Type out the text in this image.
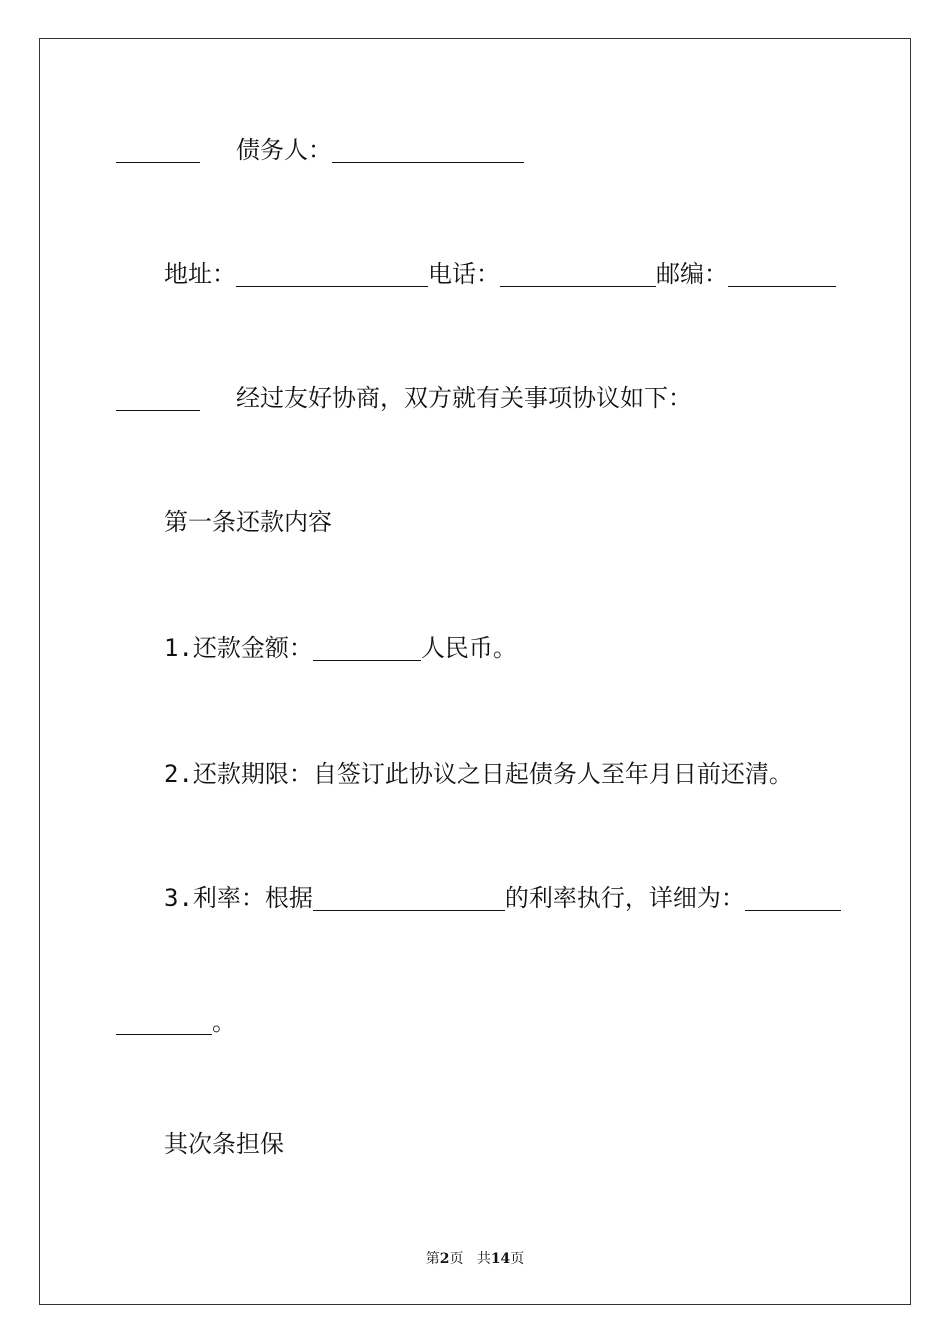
债务人：
地址：	电话：	邮编：
经过友好协商，双方就有关事项协议如下：
第一条还款内容
1.还款金额：	人民币。
2.还款期限：自签订此协议之日起债务人至年月日前还清。
3.利率：根据	的利率执行，详细为：
。
其次条担保
第2页 共14页
